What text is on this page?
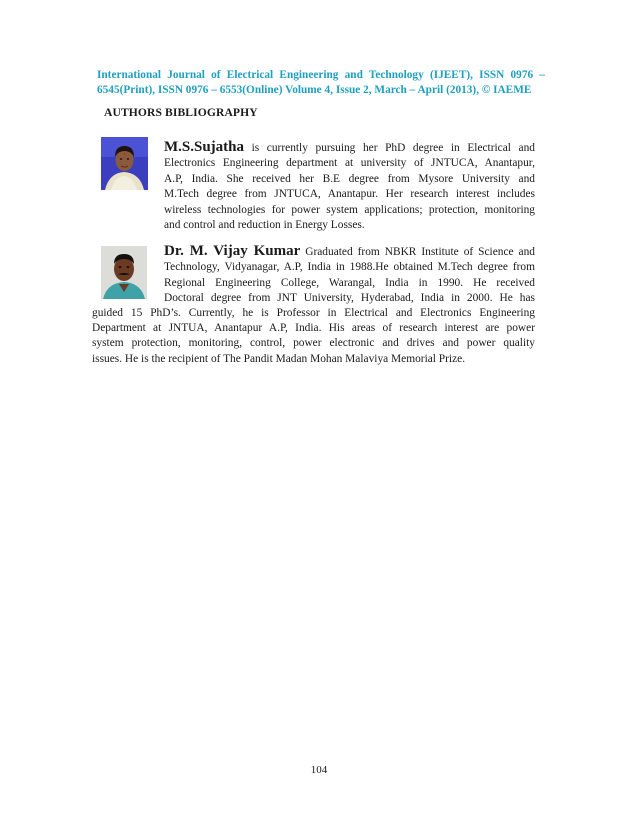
International Journal of Electrical Engineering and Technology (IJEET), ISSN 0976 –
6545(Print), ISSN 0976 – 6553(Online) Volume 4, Issue 2, March – April (2013), © IAEME
AUTHORS BIBLIOGRAPHY
M.S.Sujatha is currently pursuing her PhD degree in Electrical and
Electronics Engineering department at university of JNTUCA, Anantapur,
A.P, India. She received her B.E degree from Mysore University and
M.Tech degree from JNTUCA, Anantapur. Her research interest includes
wireless technologies for power system applications; protection, monitoring
and control and reduction in Energy Losses.
Dr. M. Vijay Kumar Graduated from NBKR Institute of Science and
Technology, Vidyanagar, A.P, India in 1988.He obtained M.Tech degree from
Regional Engineering College, Warangal, India in 1990. He received
Doctoral degree from JNT University, Hyderabad, India in 2000. He has
guided 15 PhD’s. Currently, he is Professor in Electrical and Electronics Engineering
Department at JNTUA, Anantapur A.P, India. His areas of research interest are power
system protection, monitoring, control, power electronic and drives and power quality
issues. He is the recipient of The Pandit Madan Mohan Malaviya Memorial Prize.
104
